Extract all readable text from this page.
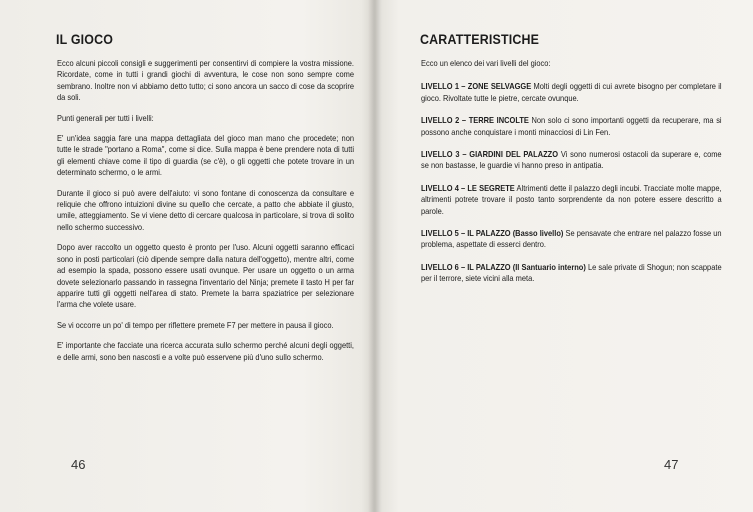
IL GIOCO

Ecco alcuni piccoli consigli e suggerimenti per consentirvi di compiere la vostra missione. Ricordate, come in tutti i grandi giochi di avventura, le cose non sono sempre come sembrano. Inoltre non vi abbiamo detto tutto; ci sono ancora un sacco di cose da scoprire da soli.

Punti generali per tutti i livelli:

E' un'idea saggia fare una mappa dettagliata del gioco man mano che procedete; non tutte le strade "portano a Roma", come si dice. Sulla mappa è bene prendere nota di tutti gli elementi chiave come il tipo di guardia (se c'è), o gli oggetti che potete trovare in un determinato schermo, o le armi.

Durante il gioco si può avere dell'aiuto: vi sono fontane di conoscenza da consultare e reliquie che offrono intuizioni divine su quello che cercate, a patto che abbiate il giusto, umile, atteggiamento. Se vi viene detto di cercare qualcosa in particolare, si trova di solito nello schermo successivo.

Dopo aver raccolto un oggetto questo è pronto per l'uso. Alcuni oggetti saranno efficaci sono in posti particolari (ciò dipende sempre dalla natura dell'oggetto), mentre altri, come ad esempio la spada, possono essere usati ovunque. Per usare un oggetto o un arma dovete selezionarlo passando in rassegna l'inventario del Ninja; premete il tasto H per far apparire tutti gli oggetti nell'area di stato. Premete la barra spaziatrice per selezionare l'arma che volete usare.

Se vi occorre un po' di tempo per riflettere premete F7 per mettere in pausa il gioco.

E' importante che facciate una ricerca accurata sullo schermo perché alcuni degli oggetti, e delle armi, sono ben nascosti e a volte può esservene più d'uno sullo schermo.

46
CARATTERISTICHE

Ecco un elenco dei vari livelli del gioco:

LIVELLO 1 – ZONE SELVAGGE Molti degli oggetti di cui avrete bisogno per completare il gioco. Rivoltate tutte le pietre, cercate ovunque.
LIVELLO 2 – TERRE INCOLTE Non solo ci sono importanti oggetti da recuperare, ma si possono anche conquistare i monti minacciosi di Lin Fen.
LIVELLO 3 – GIARDINI DEL PALAZZO Vi sono numerosi ostacoli da superare e, come se non bastasse, le guardie vi hanno preso in antipatia.
LIVELLO 4 – LE SEGRETE Altrimenti dette il palazzo degli incubi. Tracciate molte mappe, altrimenti potrete trovare il posto tanto sorprendente da non potere essere descritto a parole.
LIVELLO 5 – IL PALAZZO (Basso livello) Se pensavate che entrare nel palazzo fosse un problema, aspettate di esserci dentro.
LIVELLO 6 – IL PALAZZO (Il Santuario interno) Le sale private di Shogun; non scappate per il terrore, siete vicini alla meta.
47
